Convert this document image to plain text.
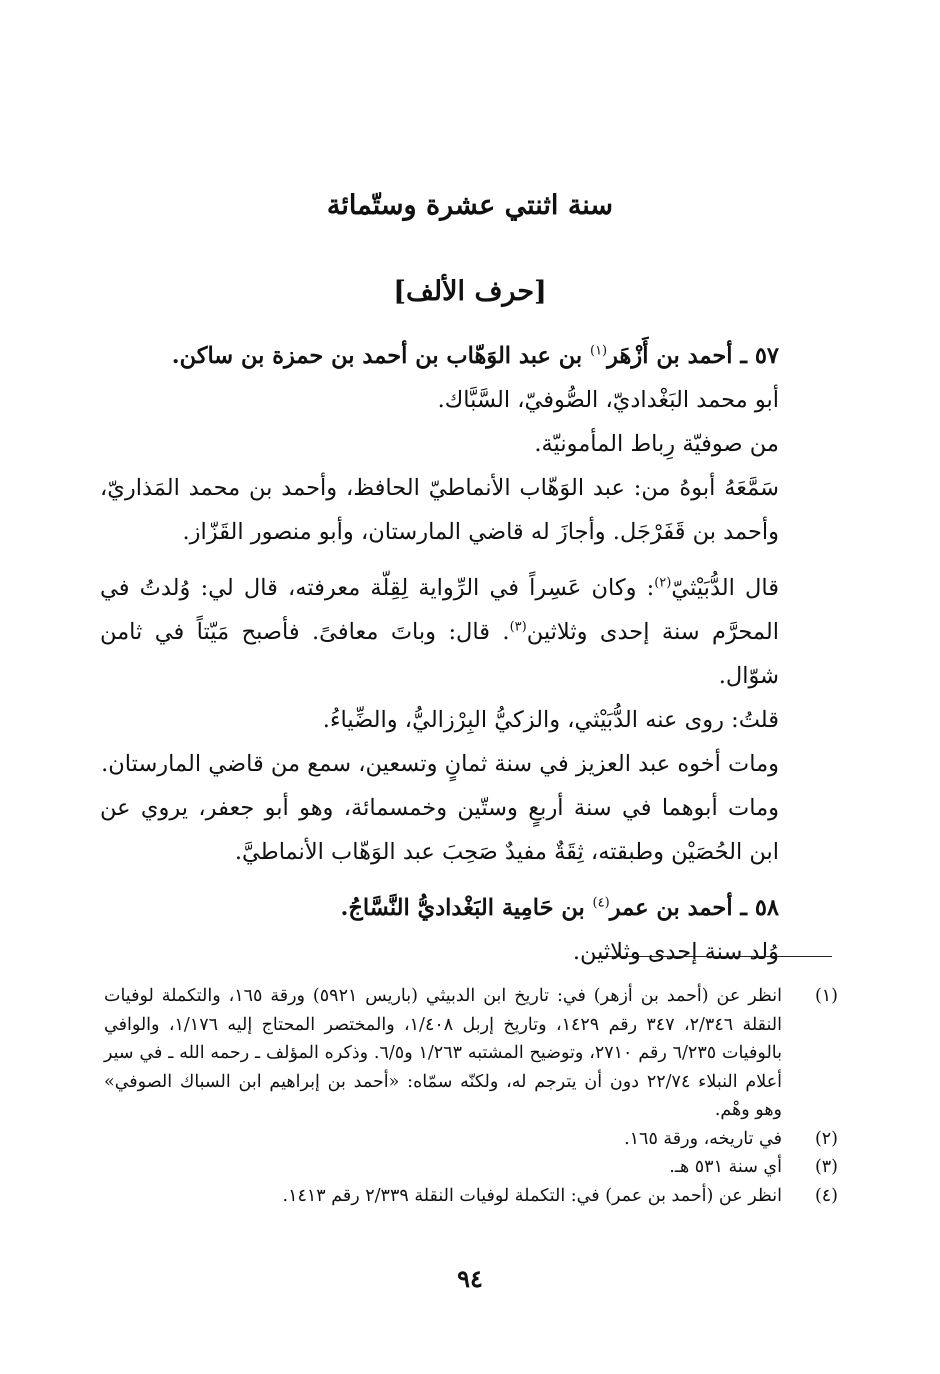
سنة اثنتي عشرة وستّمائة
[حرف الألف]

٥٧ ـ أحمد بن أَزْهَر$^{(١)}$ بن عبد الوَهّاب بن أحمد بن حمزة بن ساكن.

أبو محمد البَغْداديّ، الصُّوفيّ، السَّبَّاك.

من صوفيّة رِباط المأمونيّة.

سَمَّعَهُ أبوهُ من: عبد الوَهّاب الأنماطيّ الحافظ، وأحمد بن محمد المَذاريّ، وأحمد بن قَفَرْجَل. وأجازَ له قاضي المارستان، وأبو منصور القَزّاز.

قال الدُّبَيْثيّ$^{(٢)}$: وكان عَسِراً في الرِّواية لِقِلّة معرفته، قال لي: وُلدتُ في المحرَّم سنة إحدى وثلاثين$^{(٣)}$. قال: وباتَ معافىً. فأصبح مَيّتاً في ثامن شوّال.

قلتُ: روى عنه الدُّبَيْثي، والزكيُّ البِرْزاليُّ، والضِّياءُ.

ومات أخوه عبد العزيز في سنة ثمانٍ وتسعين، سمع من قاضي المارستان.

ومات أبوهما في سنة أربعٍ وستّين وخمسمائة، وهو أبو جعفر، يروي عن ابن الحُصَيْن وطبقته، ثِقَةٌ مفيدٌ صَحِبَ عبد الوَهّاب الأنماطيَّ.

٥٨ ـ أحمد بن عمر$^{(٤)}$ بن حَامِية البَغْداديُّ النَّسَّاجُ.

وُلد سنة إحدى وثلاثين.

(١)
انظر عن (أحمد بن أزهر) في: تاريخ ابن الدبيثي (باريس ٥٩٢١) ورقة ١٦٥، والتكملة لوفيات النقلة ٢/٣٤٦، ٣٤٧ رقم ١٤٢٩، وتاريخ إربل ١/٤٠٨، والمختصر المحتاج إليه ١/١٧٦، والوافي بالوفيات ٦/٢٣٥ رقم ٢٧١٠، وتوضيح المشتبه ١/٢٦٣ و٦/٥. وذكره المؤلف ـ رحمه الله ـ في سير أعلام النبلاء ٢٢/٧٤ دون أن يترجم له، ولكنّه سمّاه: «أحمد بن إبراهيم ابن السباك الصوفي» وهو وهْم.
(٢)
في تاريخه، ورقة ١٦٥.
(٣)
أي سنة ٥٣١ هـ.
(٤)
انظر عن (أحمد بن عمر) في: التكملة لوفيات النقلة ٢/٣٣٩ رقم ١٤١٣.
٩٤
